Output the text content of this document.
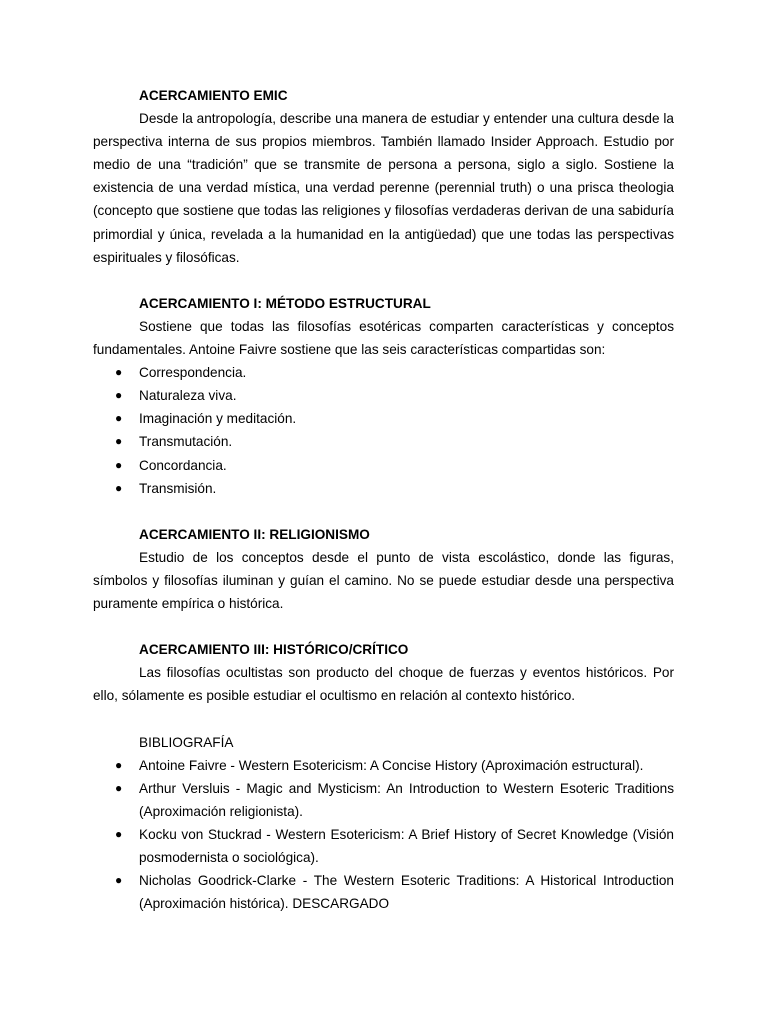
ACERCAMIENTO EMIC

Desde la antropología, describe una manera de estudiar y entender una cultura desde la perspectiva interna de sus propios miembros. También llamado Insider Approach. Estudio por medio de una “tradición” que se transmite de persona a persona, siglo a siglo. Sostiene la existencia de una verdad mística, una verdad perenne (perennial truth) o una prisca theologia (concepto que sostiene que todas las religiones y filosofías verdaderas derivan de una sabiduría primordial y única, revelada a la humanidad en la antigüedad) que une todas las perspectivas espirituales y filosóficas.

ACERCAMIENTO I: MÉTODO ESTRUCTURAL

Sostiene que todas las filosofías esotéricas comparten características y conceptos fundamentales. Antoine Faivre sostiene que las seis características compartidas son:

● Correspondencia.
● Naturaleza viva.
● Imaginación y meditación.
● Transmutación.
● Concordancia.
● Transmisión.

ACERCAMIENTO II: RELIGIONISMO

Estudio de los conceptos desde el punto de vista escolástico, donde las figuras, símbolos y filosofías iluminan y guían el camino. No se puede estudiar desde una perspectiva puramente empírica o histórica.

ACERCAMIENTO III: HISTÓRICO/CRÍTICO

Las filosofías ocultistas son producto del choque de fuerzas y eventos históricos. Por ello, sólamente es posible estudiar el ocultismo en relación al contexto histórico.

BIBLIOGRAFÍA

● Antoine Faivre - Western Esotericism: A Concise History (Aproximación estructural).
● Arthur Versluis - Magic and Mysticism: An Introduction to Western Esoteric Traditions (Aproximación religionista).
● Kocku von Stuckrad - Western Esotericism: A Brief History of Secret Knowledge (Visión posmodernista o sociológica).
● Nicholas Goodrick-Clarke - The Western Esoteric Traditions: A Historical Introduction (Aproximación histórica). DESCARGADO
